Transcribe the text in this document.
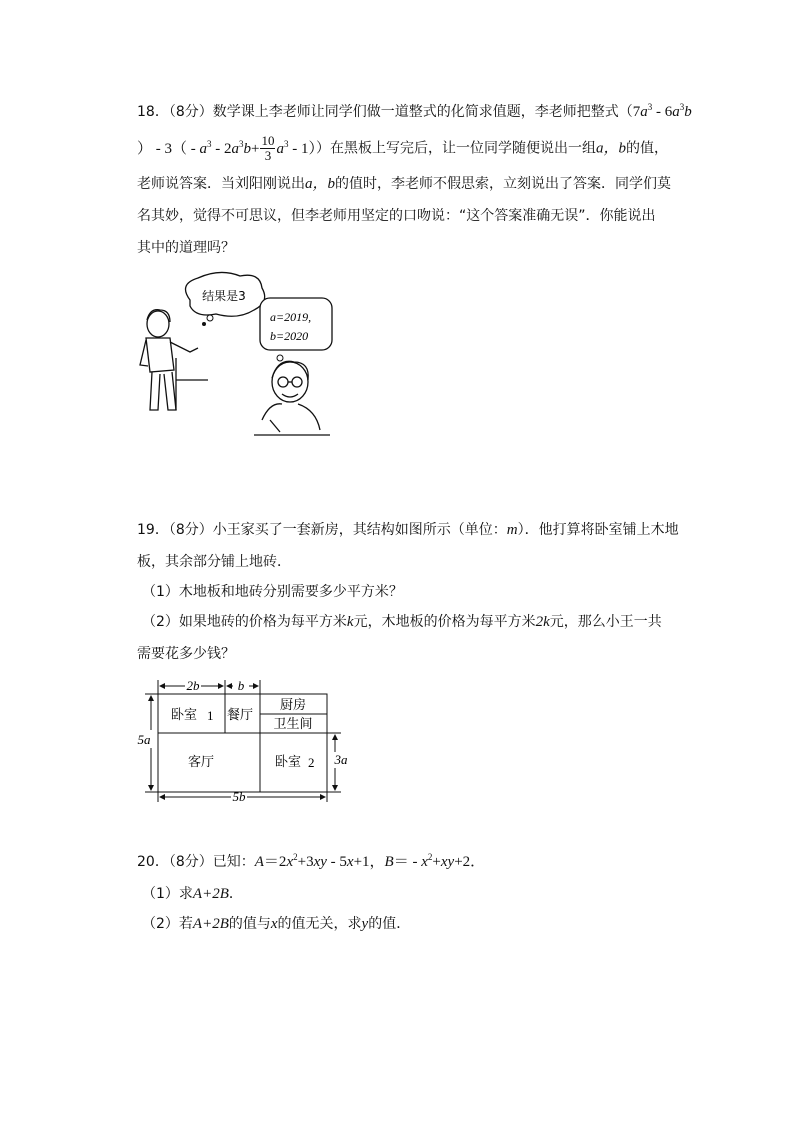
18．（8分）数学课上李老师让同学们做一道整式的化简求值题，李老师把整式（$7a^3 - 6a^3b$
） - $3( - a^3 - 2a^3b+ \frac{10}{3} a^3 - 1)$）在黑板上写完后，让一位同学随便说出一组a，b的值，
老师说答案．当刘阳刚说出a，b的值时，李老师不假思索，立刻说出了答案．同学们莫
名其妙，觉得不可思议，但李老师用坚定的口吻说：“这个答案准确无误”．你能说出
其中的道理吗？
结果是3
a=2019,
b=2020
19．（8分）小王家买了一套新房，其结构如图所示（单位：m）．他打算将卧室铺上木地
板，其余部分铺上地砖．
（1）木地板和地砖分别需要多少平方米？
（2）如果地砖的价格为每平方米k元，木地板的价格为每平方米2k元，那么小王一共
需要花多少钱？
2b	b
5a
3a
5b
卧室 1 餐厅
厨房
卫生间
客厅	卧室 2
20．（8分）已知：$A=2x^2+3xy - 5x+1$，$B= - x^2+xy+2$．
（1）求A+2B．
（2）若A+2B的值与x的值无关，求y的值．
